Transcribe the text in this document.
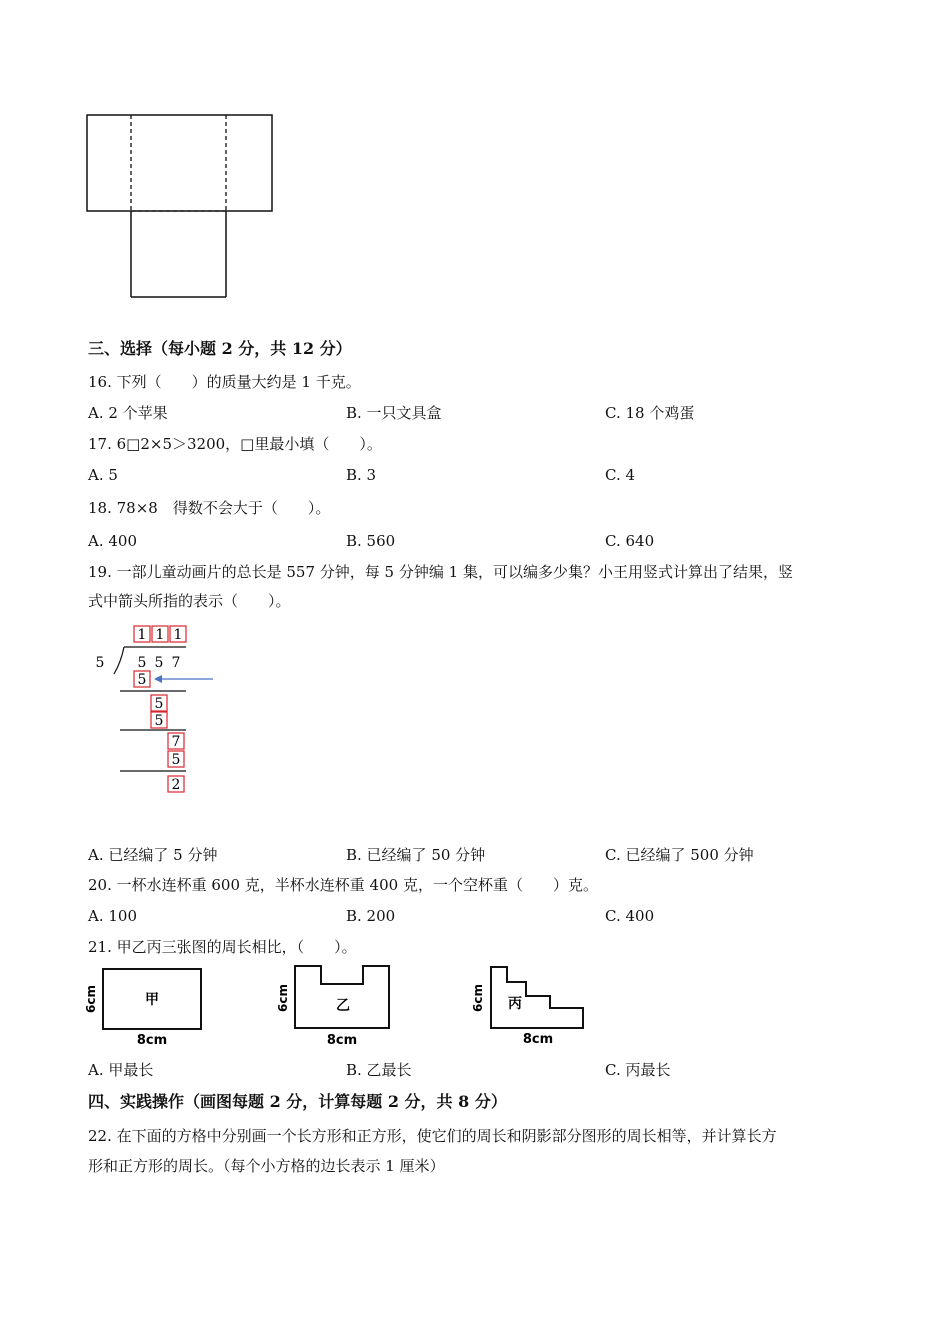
三、选择（每小题 2 分，共 12 分）
16. 下列（　　）的质量大约是 1 千克。
A. 2 个苹果	B. 一只文具盒	C. 18 个鸡蛋
17. 6□2×5＞3200，□里最小填（　　）。
A. 5	B. 3	C. 4
18. 78×8　得数不会大于（　　）。
A. 400	B. 560	C. 640
19. 一部儿童动画片的总长是 557 分钟，每 5 分钟编 1 集，可以编多少集？小王用竖式计算出了结果，竖
式中箭头所指的表示（　　）。
1 1 1
5 5 5 7
5
5
5
7
5
2
A. 已经编了 5 分钟	B. 已经编了 50 分钟	C. 已经编了 500 分钟
20. 一杯水连杯重 600 克，半杯水连杯重 400 克，一个空杯重（　　）克。
A. 100	B. 200	C. 400
21. 甲乙丙三张图的周长相比，（　　）。
甲
6cm
8cm
乙
6cm
8cm
丙
6cm
8cm
A. 甲最长	B. 乙最长	C. 丙最长
四、实践操作（画图每题 2 分，计算每题 2 分，共 8 分）
22. 在下面的方格中分别画一个长方形和正方形，使它们的周长和阴影部分图形的周长相等，并计算长方
形和正方形的周长。（每个小方格的边长表示 1 厘米）
